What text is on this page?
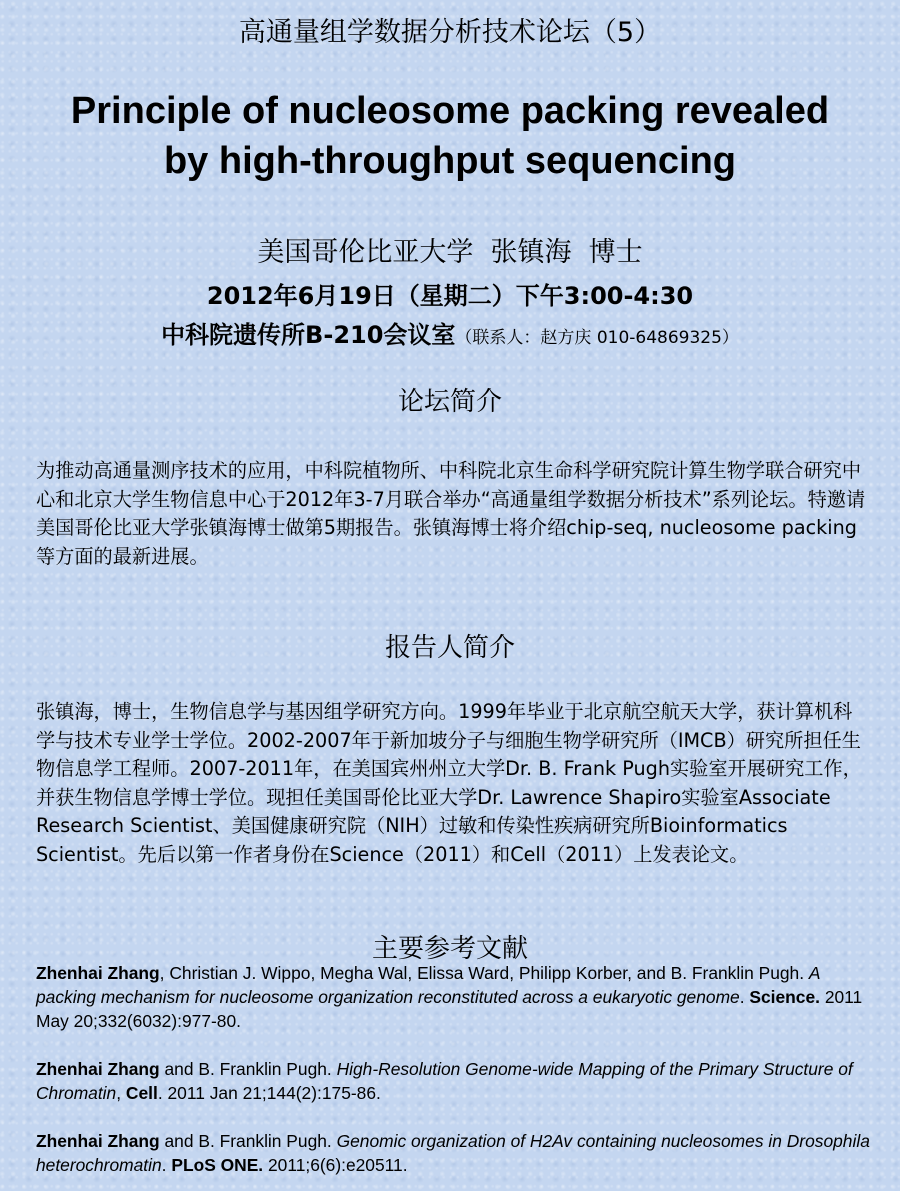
高通量组学数据分析技术论坛（5）
Principle of nucleosome packing revealed
by high-throughput sequencing
美国哥伦比亚大学  张镇海  博士
2012年6月19日（星期二）下午3:00-4:30
中科院遗传所B-210会议室（联系人：赵方庆 010-64869325）
论坛简介
为推动高通量测序技术的应用，中科院植物所、中科院北京生命科学研究院计算生物学联合研究中心和北京大学生物信息中心于2012年3-7月联合举办“高通量组学数据分析技术”系列论坛。特邀请美国哥伦比亚大学张镇海博士做第5期报告。张镇海博士将介绍chip-seq, nucleosome packing等方面的最新进展。
报告人简介
张镇海，博士，生物信息学与基因组学研究方向。1999年毕业于北京航空航天大学，获计算机科学与技术专业学士学位。2002-2007年于新加坡分子与细胞生物学研究所（IMCB）研究所担任生物信息学工程师。2007-2011年，在美国宾州州立大学Dr. B. Frank Pugh实验室开展研究工作，并获生物信息学博士学位。现担任美国哥伦比亚大学Dr. Lawrence Shapiro实验室Associate Research Scientist、美国健康研究院（NIH）过敏和传染性疾病研究所Bioinformatics Scientist。先后以第一作者身份在Science（2011）和Cell（2011）上发表论文。
主要参考文献
Zhenhai Zhang, Christian J. Wippo, Megha Wal, Elissa Ward, Philipp Korber, and B. Franklin Pugh. A packing mechanism for nucleosome organization reconstituted across a eukaryotic genome. Science. 2011 May 20;332(6032):977-80.
Zhenhai Zhang and B. Franklin Pugh. High-Resolution Genome-wide Mapping of the Primary Structure of Chromatin, Cell. 2011 Jan 21;144(2):175-86.
Zhenhai Zhang and B. Franklin Pugh. Genomic organization of H2Av containing nucleosomes in Drosophila heterochromatin. PLoS ONE. 2011;6(6):e20511.
